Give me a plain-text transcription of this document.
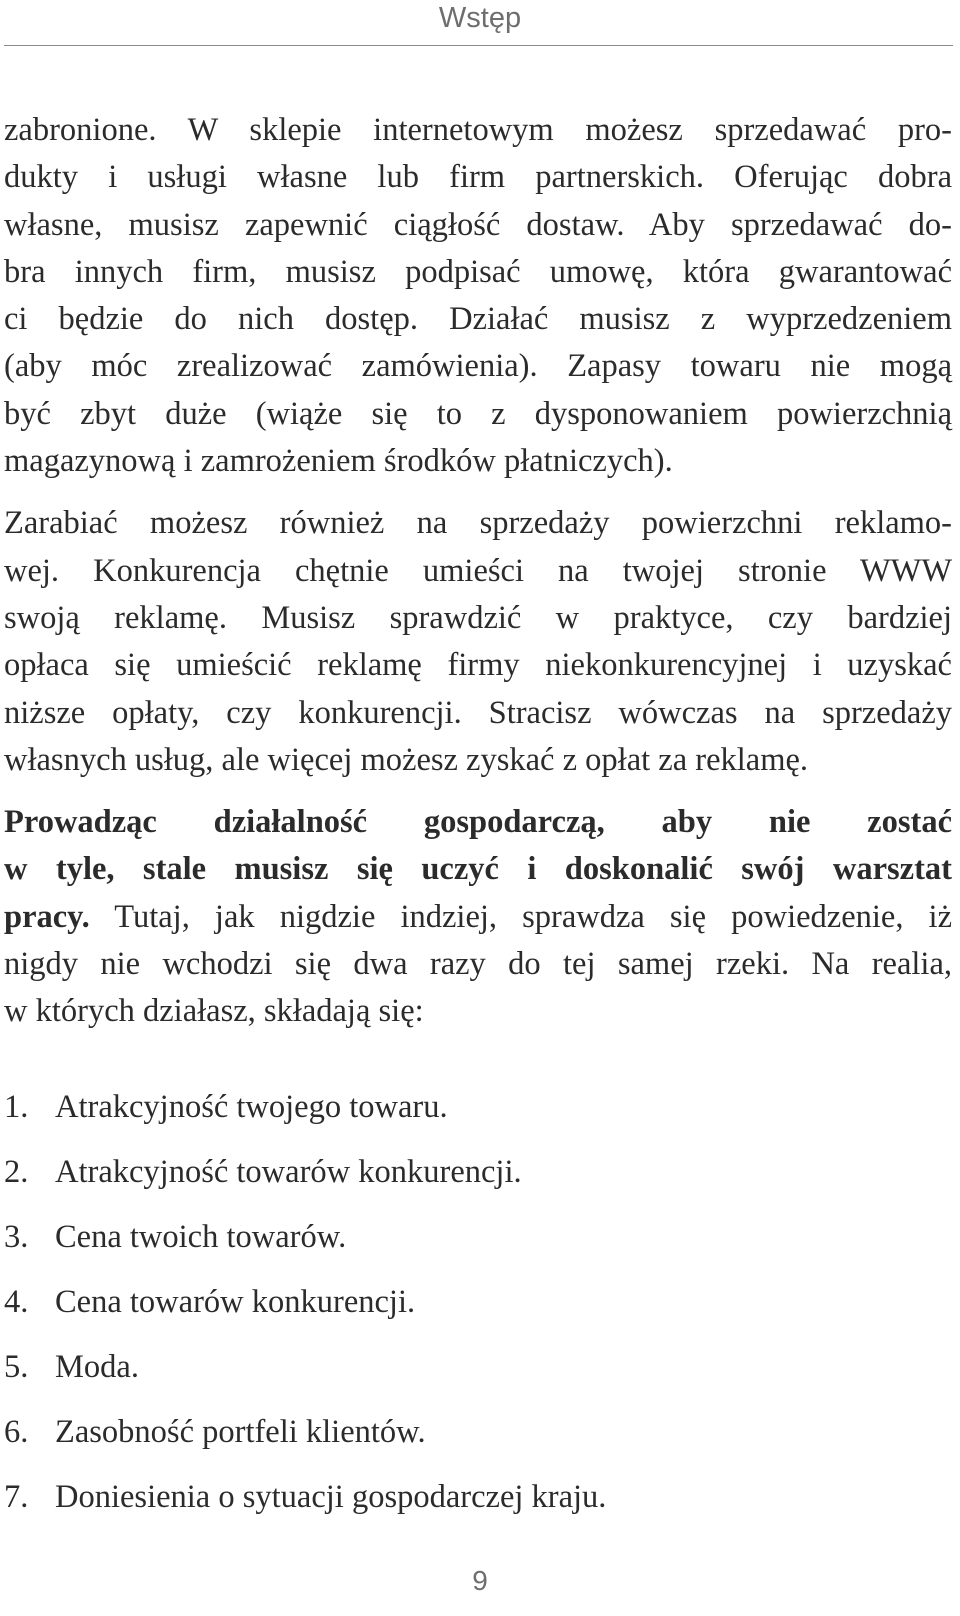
Wstęp
zabronione. W sklepie internetowym możesz sprzedawać pro-
dukty i usługi własne lub firm partnerskich. Oferując dobra
własne, musisz zapewnić ciągłość dostaw. Aby sprzedawać do-
bra innych firm, musisz podpisać umowę, która gwarantować
ci będzie do nich dostęp. Działać musisz z wyprzedzeniem
(aby móc zrealizować zamówienia). Zapasy towaru nie mogą
być zbyt duże (wiąże się to z dysponowaniem powierzchnią
magazynową i zamrożeniem środków płatniczych).
Zarabiać możesz również na sprzedaży powierzchni reklamo-
wej. Konkurencja chętnie umieści na twojej stronie WWW
swoją reklamę. Musisz sprawdzić w praktyce, czy bardziej
opłaca się umieścić reklamę firmy niekonkurencyjnej i uzyskać
niższe opłaty, czy konkurencji. Stracisz wówczas na sprzedaży
własnych usług, ale więcej możesz zyskać z opłat za reklamę.
Prowadząc działalność gospodarczą, aby nie zostać
w tyle, stale musisz się uczyć i doskonalić swój warsztat
pracy. Tutaj, jak nigdzie indziej, sprawdza się powiedzenie, iż
nigdy nie wchodzi się dwa razy do tej samej rzeki. Na realia,
w których działasz, składają się:
1. Atrakcyjność twojego towaru.
2. Atrakcyjność towarów konkurencji.
3. Cena twoich towarów.
4. Cena towarów konkurencji.
5. Moda.
6. Zasobność portfeli klientów.
7. Doniesienia o sytuacji gospodarczej kraju.
9
